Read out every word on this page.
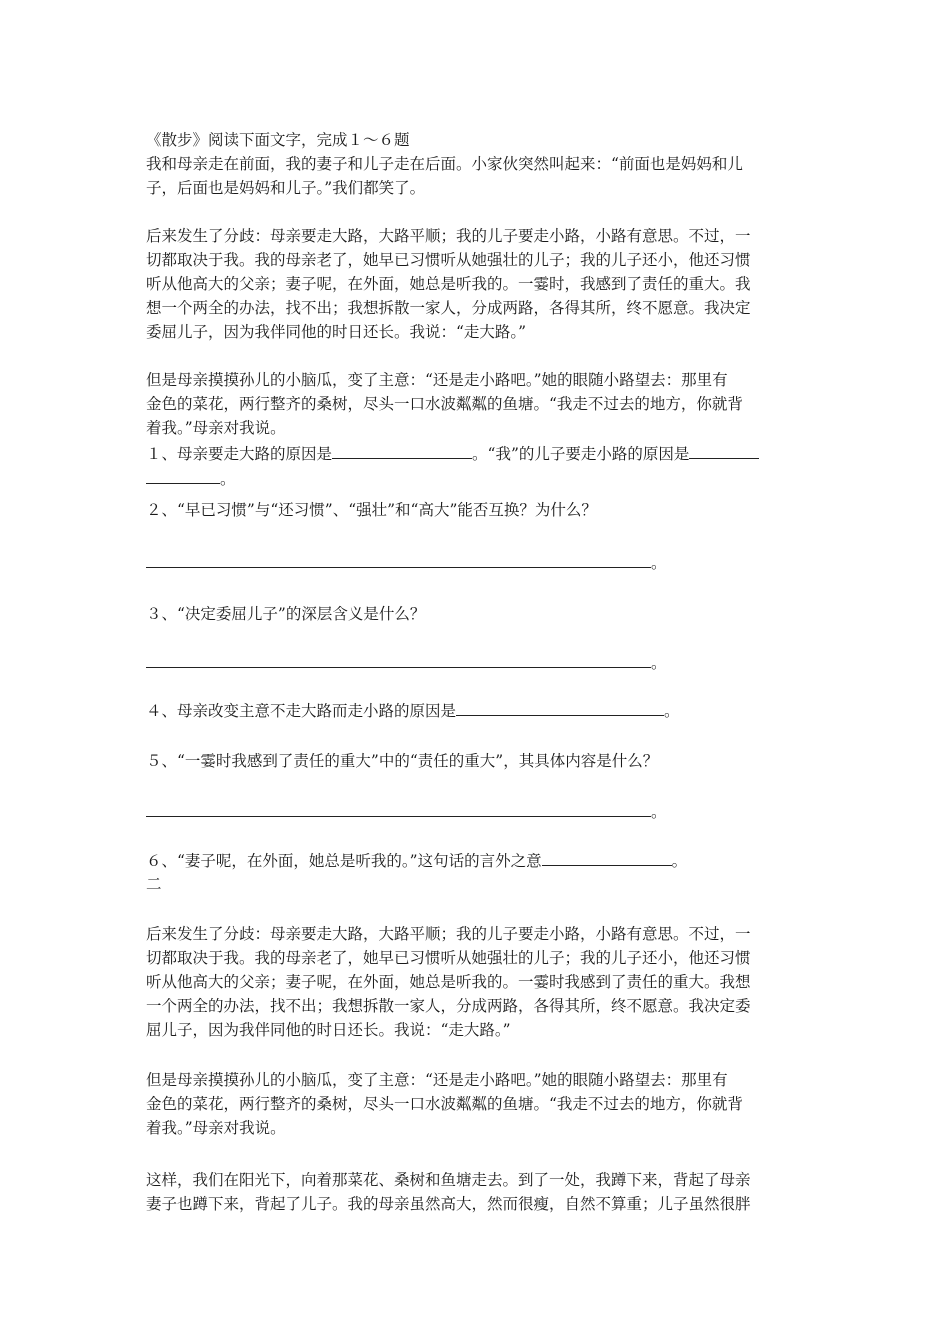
《散步》阅读下面文字，完成１～６题
我和母亲走在前面，我的妻子和儿子走在后面。小家伙突然叫起来：“前面也是妈妈和儿
子，后面也是妈妈和儿子。”我们都笑了。
后来发生了分歧：母亲要走大路，大路平顺；我的儿子要走小路，小路有意思。不过，一
切都取决于我。我的母亲老了，她早已习惯听从她强壮的儿子；我的儿子还小，他还习惯
听从他高大的父亲；妻子呢，在外面，她总是听我的。一霎时，我感到了责任的重大。我
想一个两全的办法，找不出；我想拆散一家人，分成两路，各得其所，终不愿意。我决定
委屈儿子，因为我伴同他的时日还长。我说：“走大路。”
但是母亲摸摸孙儿的小脑瓜，变了主意：“还是走小路吧。”她的眼随小路望去：那里有
金色的菜花，两行整齐的桑树，尽头一口水波粼粼的鱼塘。“我走不过去的地方，你就背
着我。”母亲对我说。
１、母亲要走大路的原因是	。“我”的儿子要走小路的原因是
。
２、“早已习惯”与“还习惯”、“强壮”和“高大”能否互换？为什么？
。
３、“决定委屈儿子”的深层含义是什么？
。
４、母亲改变主意不走大路而走小路的原因是	。
５、“一霎时我感到了责任的重大”中的“责任的重大”，其具体内容是什么？
。
６、“妻子呢，在外面，她总是听我的。”这句话的言外之意	。
二
后来发生了分歧：母亲要走大路，大路平顺；我的儿子要走小路，小路有意思。不过，一
切都取决于我。我的母亲老了，她早已习惯听从她强壮的儿子；我的儿子还小，他还习惯
听从他高大的父亲；妻子呢，在外面，她总是听我的。一霎时我感到了责任的重大。我想
一个两全的办法，找不出；我想拆散一家人，分成两路，各得其所，终不愿意。我决定委
屈儿子，因为我伴同他的时日还长。我说：“走大路。”
但是母亲摸摸孙儿的小脑瓜，变了主意：“还是走小路吧。”她的眼随小路望去：那里有
金色的菜花，两行整齐的桑树，尽头一口水波粼粼的鱼塘。“我走不过去的地方，你就背
着我。”母亲对我说。
这样，我们在阳光下，向着那菜花、桑树和鱼塘走去。到了一处，我蹲下来，背起了母亲
妻子也蹲下来，背起了儿子。我的母亲虽然高大，然而很瘦，自然不算重；儿子虽然很胖
